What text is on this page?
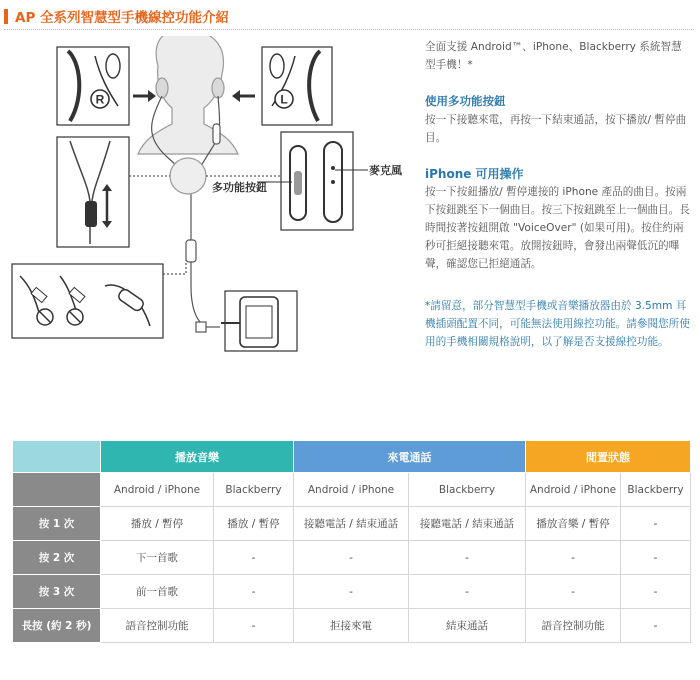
AP 全系列智慧型手機線控功能介紹
R	L
多功能按鈕
麥克風
全面支援 Android™、iPhone、Blackberry 系統智慧型手機！*
使用多功能按鈕
按一下接聽來電，再按一下結束通話，按下播放/ 暫停曲目。
iPhone 可用操作
按一下按鈕播放/ 暫停連接的 iPhone 產品的曲目。按兩下按鈕跳至下一個曲目。按三下按鈕跳至上一個曲目。長時間按著按鈕開啟 "VoiceOver" (如果可用)。按住約兩秒可拒絕接聽來電。放開按鈕時，會發出兩聲低沉的嗶聲，確認您已拒絕通話。
*請留意，部分智慧型手機或音樂播放器由於 3.5mm 耳機插頭配置不同，可能無法使用線控功能。請參閱您所使用的手機相關規格說明，以了解是否支援線控功能。
	播放音樂		來電通話		閒置狀態	
	Android / iPhone	Blackberry	Android / iPhone	Blackberry	Android / iPhone	Blackberry
按 1 次	播放 / 暫停	播放 / 暫停	接聽電話 / 結束通話	接聽電話 / 結束通話	播放音樂 / 暫停	-
按 2 次	下一首歌	-	-	-	-	-
按 3 次	前一首歌	-	-	-	-	-
長按 (約 2 秒)	語音控制功能	-	拒接來電	結束通話	語音控制功能	-
